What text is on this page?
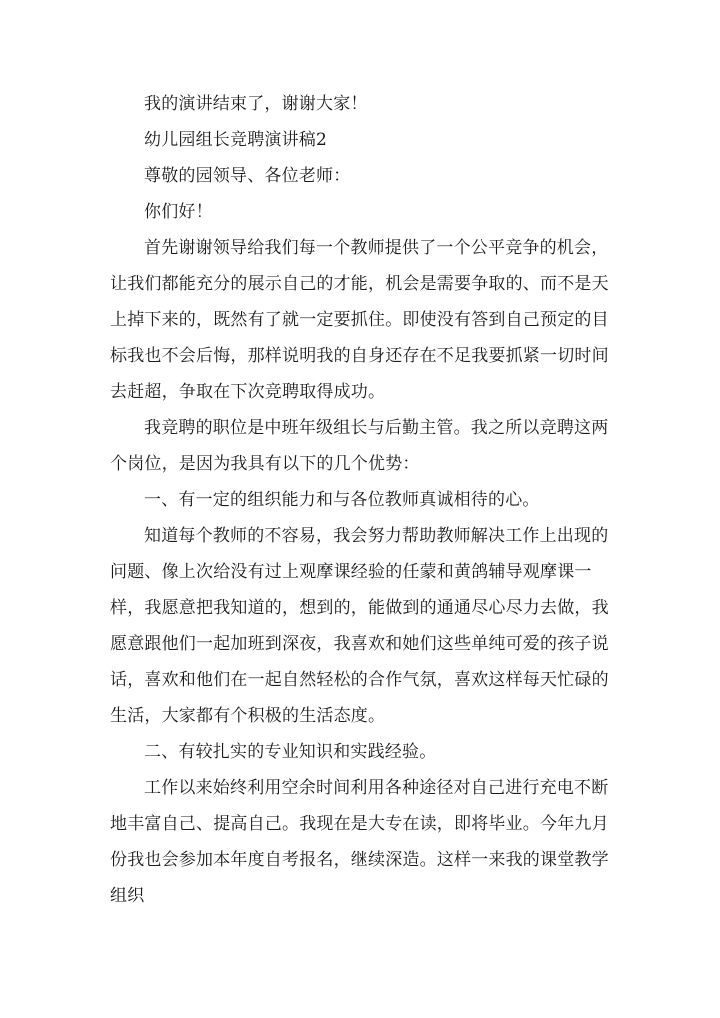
我的演讲结束了，谢谢大家！

幼儿园组长竞聘演讲稿2

尊敬的园领导、各位老师：

你们好！

首先谢谢领导给我们每一个教师提供了一个公平竞争的机会，让我们都能充分的展示自己的才能，机会是需要争取的、而不是天上掉下来的，既然有了就一定要抓住。即使没有答到自己预定的目标我也不会后悔，那样说明我的自身还存在不足我要抓紧一切时间去赶超，争取在下次竞聘取得成功。

我竞聘的职位是中班年级组长与后勤主管。我之所以竞聘这两个岗位，是因为我具有以下的几个优势：

一、有一定的组织能力和与各位教师真诚相待的心。

知道每个教师的不容易，我会努力帮助教师解决工作上出现的问题、像上次给没有过上观摩课经验的任蒙和黄鸽辅导观摩课一样，我愿意把我知道的，想到的，能做到的通通尽心尽力去做，我愿意跟他们一起加班到深夜，我喜欢和她们这些单纯可爱的孩子说话，喜欢和他们在一起自然轻松的合作气氛，喜欢这样每天忙碌的生活，大家都有个积极的生活态度。

二、有较扎实的专业知识和实践经验。

工作以来始终利用空余时间利用各种途径对自己进行充电不断地丰富自己、提高自己。我现在是大专在读，即将毕业。今年九月份我也会参加本年度自考报名，继续深造。这样一来我的课堂教学组织
